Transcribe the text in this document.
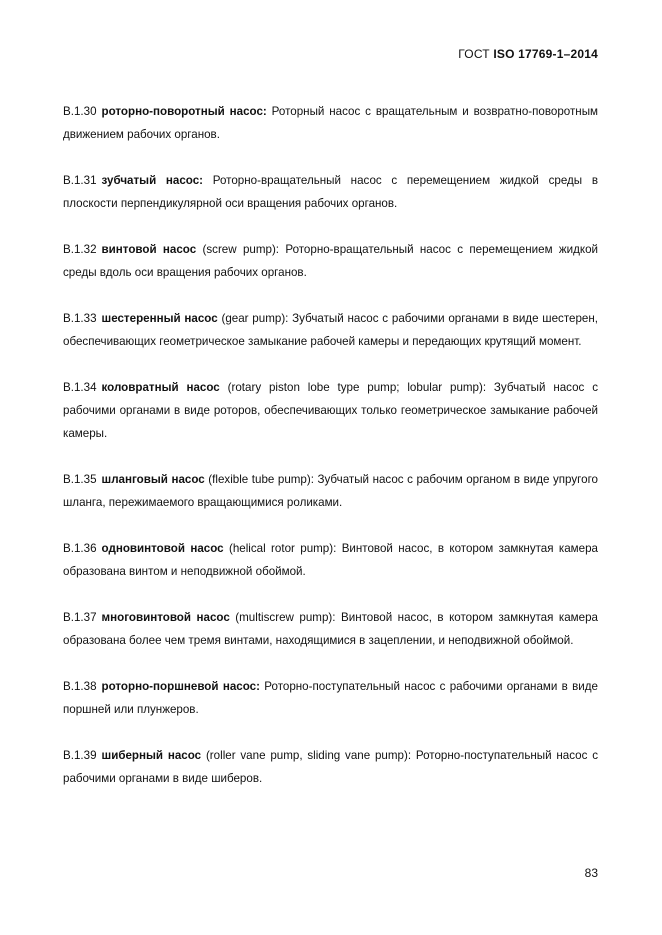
ГОСТ ISO 17769-1–2014

В.1.30 роторно-поворотный насос: Роторный насос с вращательным и возвратно-поворотным движением рабочих органов.

В.1.31 зубчатый насос: Роторно-вращательный насос с перемещением жидкой среды в плоскости перпендикулярной оси вращения рабочих органов.

В.1.32 винтовой насос (screw pump): Роторно-вращательный насос с перемещением жидкой среды вдоль оси вращения рабочих органов.

В.1.33 шестеренный насос (gear pump): Зубчатый насос с рабочими органами в виде шестерен, обеспечивающих геометрическое замыкание рабочей камеры и передающих крутящий момент.

В.1.34 коловратный насос (rotary piston lobe type pump; lobular pump): Зубчатый насос с рабочими органами в виде роторов, обеспечивающих только геометрическое замыкание рабочей камеры.

В.1.35 шланговый насос (flexible tube pump): Зубчатый насос с рабочим органом в виде упругого шланга, пережимаемого вращающимися роликами.

В.1.36 одновинтовой насос (helical rotor pump): Винтовой насос, в котором замкнутая камера образована винтом и неподвижной обоймой.

В.1.37 многовинтовой насос (multiscrew pump): Винтовой насос, в котором замкнутая камера образована более чем тремя винтами, находящимися в зацеплении, и неподвижной обоймой.

В.1.38 роторно-поршневой насос: Роторно-поступательный насос с рабочими органами в виде поршней или плунжеров.

В.1.39 шиберный насос (roller vane pump, sliding vane pump): Роторно-поступательный насос с рабочими органами в виде шиберов.

83
